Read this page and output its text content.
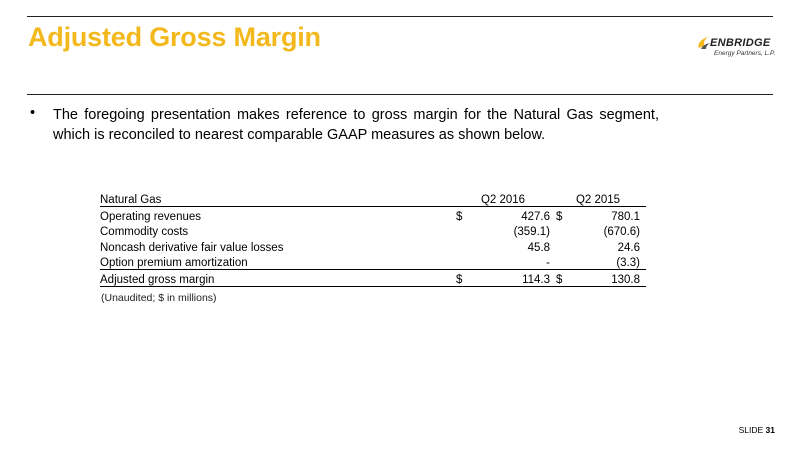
Adjusted Gross Margin	ENBRIDGE
Energy Partners, L.P.
• The foregoing presentation makes reference to gross margin for the Natural Gas segment, which is reconciled to nearest comparable GAAP measures as shown below.
Natural Gas	Q2 2016		Q2 2015		
Operating revenues	$	427.6	$	780.1	
Commodity costs		(359.1)		(670.6)	
Noncash derivative fair value losses		45.8		24.6	
Option premium amortization		-		(3.3)	
Adjusted gross margin	$	114.3	$	130.8	
(Unaudited; $ in millions)
SLIDE 31
